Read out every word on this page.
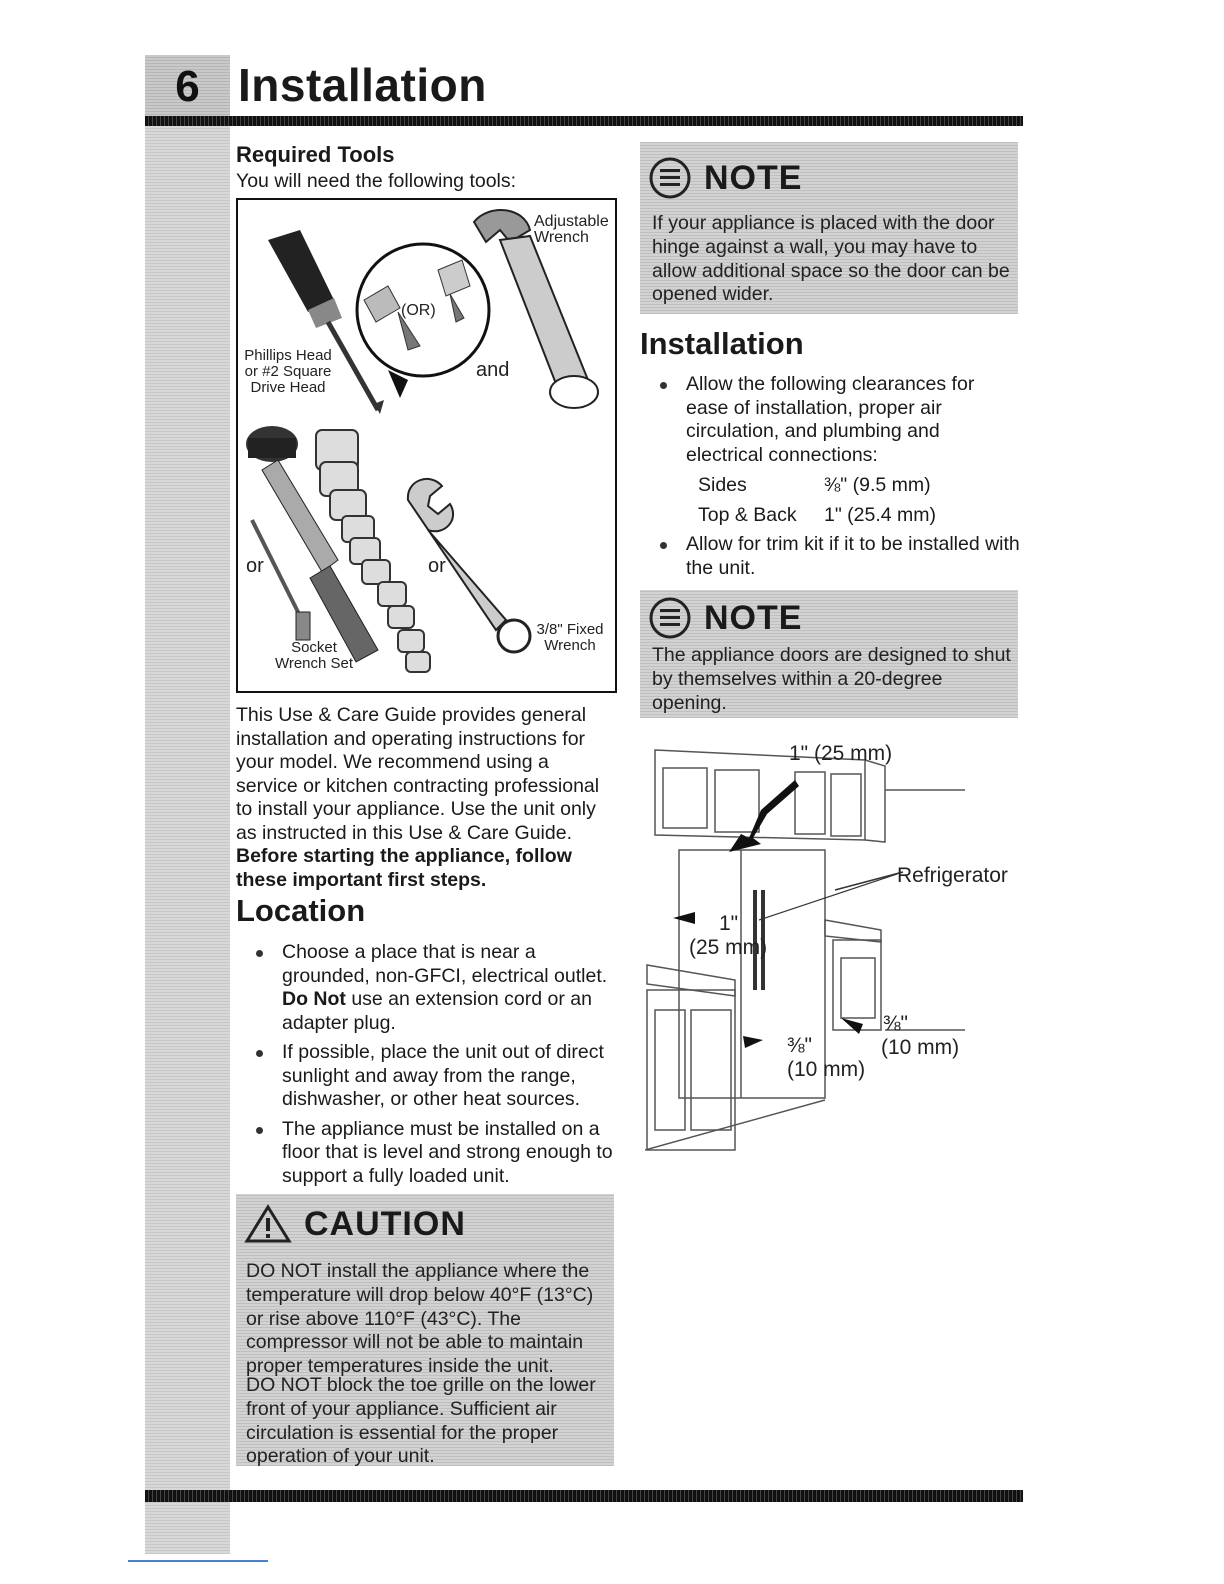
6 Installation
Required Tools
You will need the following tools:
Adjustable Wrench
(OR)
Phillips Head or #2 Square Drive Head
and
or	or
Socket Wrench Set
3/8" Fixed Wrench
This Use & Care Guide provides general installation and operating instructions for your model. We recommend using a service or kitchen contracting professional to install your appliance. Use the unit only as instructed in this Use & Care Guide. Before starting the appliance, follow these important first steps.
Location
Choose a place that is near a grounded, non-GFCI, electrical outlet. Do Not use an extension cord or an adapter plug.
If possible, place the unit out of direct sunlight and away from the range, dishwasher, or other heat sources.
The appliance must be installed on a floor that is level and strong enough to support a fully loaded unit.
CAUTION
DO NOT install the appliance where the temperature will drop below 40°F (13°C) or rise above 110°F (43°C). The compressor will not be able to maintain proper temperatures inside the unit.
DO NOT block the toe grille on the lower front of your appliance. Sufficient air circulation is essential for the proper operation of your unit.
NOTE
If your appliance is placed with the door hinge against a wall, you may have to allow additional space so the door can be opened wider.
Installation
Allow the following clearances for ease of installation, proper air circulation, and plumbing and electrical connections:
Sides	⅜" (9.5 mm)
Top & Back	1" (25.4 mm)
Allow for trim kit if it to be installed with the unit.
NOTE
The appliance doors are designed to shut by themselves within a 20-degree opening.
1" (25 mm)
Refrigerator
1"
(25 mm)
⅜"
(10 mm)
⅜"
(10 mm)
